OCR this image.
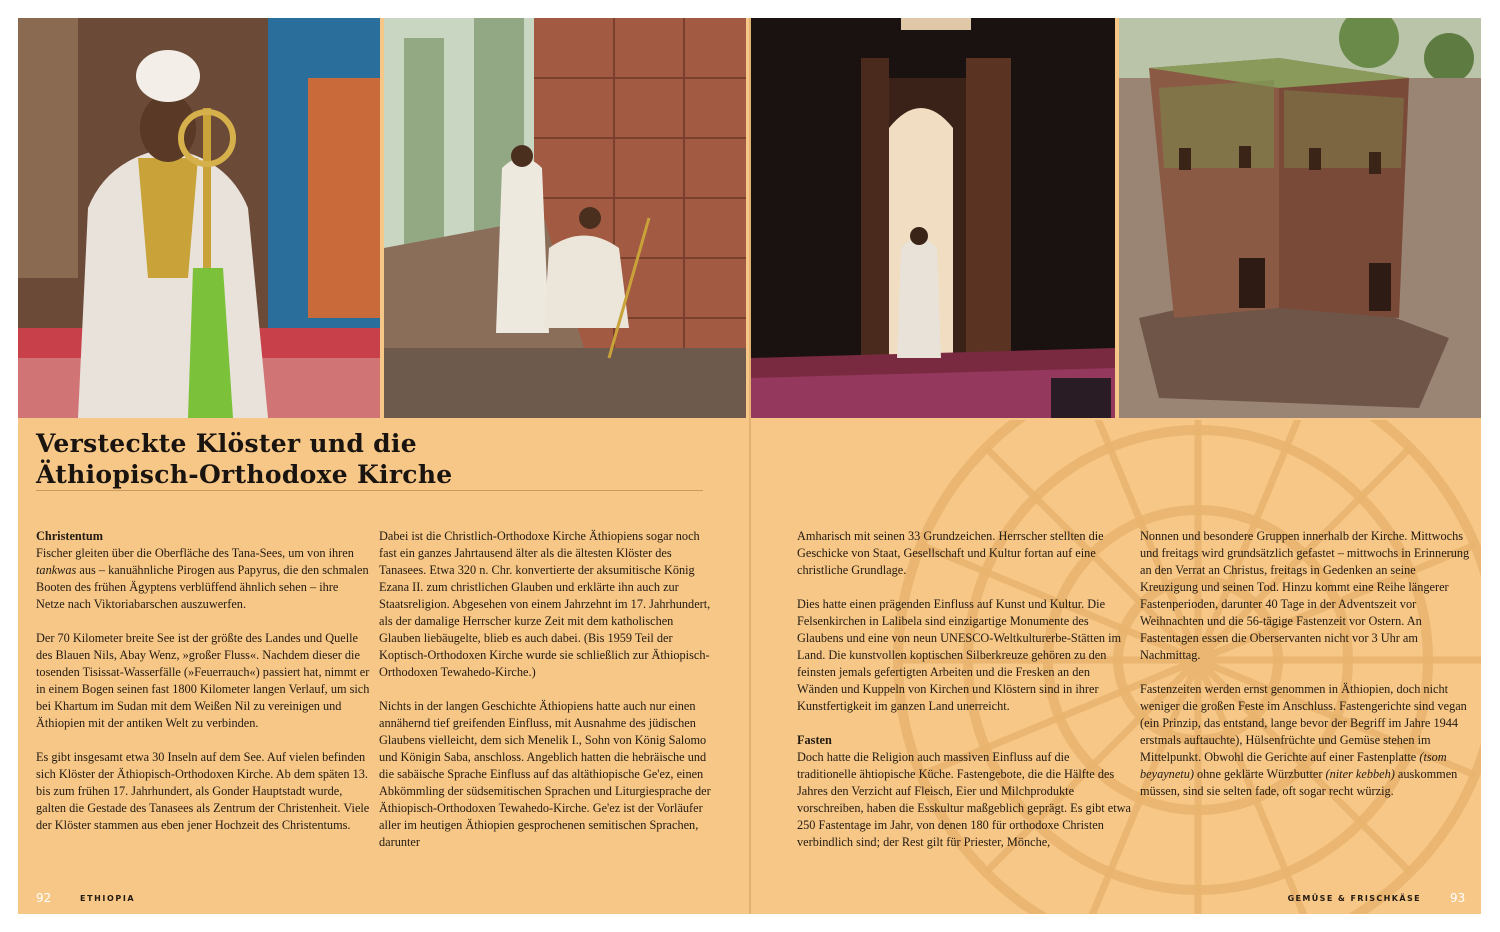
Versteckte Klöster und die
Äthiopisch-Orthodoxe Kirche

Christentum
Fischer gleiten über die Oberfläche des Tana-Sees, um von ihren tankwas aus – kanuähnliche Pirogen aus Papyrus, die den schmalen Booten des frühen Ägyptens verblüffend ähnlich sehen – ihre Netze nach Viktoriabarschen auszuwerfen.

Der 70 Kilometer breite See ist der größte des Landes und Quelle des Blauen Nils, Abay Wenz, »großer Fluss«. Nachdem dieser die tosenden Tisissat-Wasserfälle (»Feuerrauch«) passiert hat, nimmt er in einem Bogen seinen fast 1800 Kilometer langen Verlauf, um sich bei Khartum im Sudan mit dem Weißen Nil zu vereinigen und Äthiopien mit der antiken Welt zu verbinden.

Es gibt insgesamt etwa 30 Inseln auf dem See. Auf vielen befinden sich Klöster der Äthiopisch-Orthodoxen Kirche. Ab dem späten 13. bis zum frühen 17. Jahrhundert, als Gonder Hauptstadt wurde, galten die Gestade des Tanasees als Zentrum der Christenheit. Viele der Klöster stammen aus eben jener Hochzeit des Christentums.

Dabei ist die Christlich-Orthodoxe Kirche Äthiopiens sogar noch fast ein ganzes Jahrtausend älter als die ältesten Klöster des Tanasees. Etwa 320 n. Chr. konvertierte der aksumitische König Ezana II. zum christlichen Glauben und erklärte ihn auch zur Staatsreligion. Abgesehen von einem Jahrzehnt im 17. Jahrhundert, als der damalige Herrscher kurze Zeit mit dem katholischen Glauben liebäugelte, blieb es auch dabei. (Bis 1959 Teil der Koptisch-Orthodoxen Kirche wurde sie schließlich zur Äthiopisch-Orthodoxen Tewahedo-Kirche.)

Nichts in der langen Geschichte Äthiopiens hatte auch nur einen annähernd tief greifenden Einfluss, mit Ausnahme des jüdischen Glaubens vielleicht, dem sich Menelik I., Sohn von König Salomo und Königin Saba, anschloss. Angeblich hatten die hebräische und die sabäische Sprache Einfluss auf das altäthiopische Ge'ez, einen Abkömmling der südsemitischen Sprachen und Liturgiesprache der Äthiopisch-Orthodoxen Tewahedo-Kirche. Ge'ez ist der Vorläufer aller im heutigen Äthiopien gesprochenen semitischen Sprachen, darunter

Amharisch mit seinen 33 Grundzeichen. Herrscher stellten die Geschicke von Staat, Gesellschaft und Kultur fortan auf eine christliche Grundlage.

Dies hatte einen prägenden Einfluss auf Kunst und Kultur. Die Felsenkirchen in Lalibela sind einzigartige Monumente des Glaubens und eine von neun UNESCO-Weltkulturerbe-Stätten im Land. Die kunstvollen koptischen Silberkreuze gehören zu den feinsten jemals gefertigten Arbeiten und die Fresken an den Wänden und Kuppeln von Kirchen und Klöstern sind in ihrer Kunstfertigkeit im ganzen Land unerreicht.

Fasten
Doch hatte die Religion auch massiven Einfluss auf die traditionelle ähtiopische Küche. Fastengebote, die die Hälfte des Jahres den Verzicht auf Fleisch, Eier und Milchprodukte vorschreiben, haben die Esskultur maßgeblich geprägt. Es gibt etwa 250 Fastentage im Jahr, von denen 180 für orthodoxe Christen verbindlich sind; der Rest gilt für Priester, Mönche,

Nonnen und besondere Gruppen innerhalb der Kirche. Mittwochs und freitags wird grundsätzlich gefastet – mittwochs in Erinnerung an den Verrat an Christus, freitags in Gedenken an seine Kreuzigung und seinen Tod. Hinzu kommt eine Reihe längerer Fastenperioden, darunter 40 Tage in der Adventszeit vor Weihnachten und die 56-tägige Fastenzeit vor Ostern. An Fastentagen essen die Oberservanten nicht vor 3 Uhr am Nachmittag.

Fastenzeiten werden ernst genommen in Äthiopien, doch nicht weniger die großen Feste im Anschluss. Fastengerichte sind vegan (ein Prinzip, das entstand, lange bevor der Begriff im Jahre 1944 erstmals auftauchte), Hülsenfrüchte und Gemüse stehen im Mittelpunkt. Obwohl die Gerichte auf einer Fastenplatte (tsom beyaynetu) ohne geklärte Würzbutter (niter kebbeh) auskommen müssen, sind sie selten fade, oft sogar recht würzig.

92	ETHIOPIA	GEMÜSE & FRISCHKÄSE 93
